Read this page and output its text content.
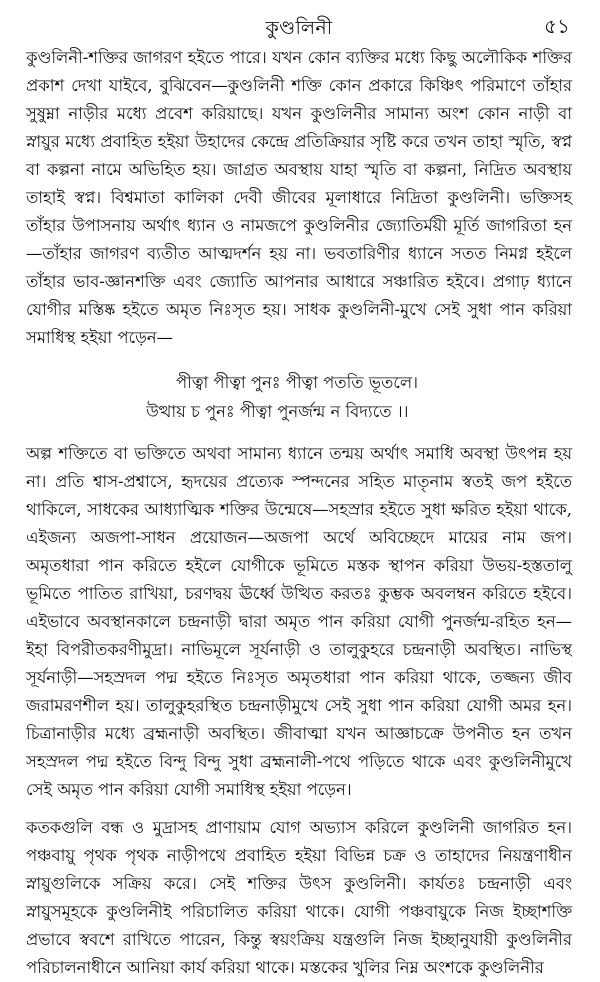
কুণ্ডলিনী	৫১

কুণ্ডলিনী-শক্তির জাগরণ হইতে পারে। যখন কোন ব্যক্তির মধ্যে কিছু অলৌকিক শক্তির প্রকাশ দেখা যাইবে, বুঝিবেন—কুণ্ডলিনী শক্তি কোন প্রকারে কিঞ্চিৎ পরিমাণে তাঁহার সুষুম্না নাড়ীর মধ্যে প্রবেশ করিয়াছে। যখন কুণ্ডলিনীর সামান্য অংশ কোন নাড়ী বা স্নায়ুর মধ্যে প্রবাহিত হইয়া উহাদের কেন্দ্রে প্রতিক্রিয়ার সৃষ্টি করে তখন তাহা স্মৃতি, স্বপ্ন বা কল্পনা নামে অভিহিত হয়। জাগ্রত অবস্থায় যাহা স্মৃতি বা কল্পনা, নিদ্রিত অবস্থায় তাহাই স্বপ্ন। বিশ্বমাতা কালিকা দেবী জীবের মূলাধারে নিদ্রিতা কুণ্ডলিনী। ভক্তিসহ তাঁহার উপাসনায় অর্থাৎ ধ্যান ও নামজপে কুণ্ডলিনীর জ্যোতির্ময়ী মূর্তি জাগরিতা হন—তাঁহার জাগরণ ব্যতীত আত্মদর্শন হয় না। ভবতারিণীর ধ্যানে সতত নিমগ্ন হইলে তাঁহার ভাব-জ্ঞানশক্তি এবং জ্যোতি আপনার আধারে সঞ্চারিত হইবে। প্রগাঢ় ধ্যানে যোগীর মস্তিষ্ক হইতে অমৃত নিঃসৃত হয়। সাধক কুণ্ডলিনী-মুখে সেই সুধা পান করিয়া সমাধিস্থ হইয়া পড়েন—

পীত্বা পীত্বা পুনঃ পীত্বা পততি ভূতলে।
উত্থায় চ পুনঃ পীত্বা পুনর্জন্ম ন বিদ্যতে ।।

অল্প শক্তিতে বা ভক্তিতে অথবা সামান্য ধ্যানে তন্ময় অর্থাৎ সমাধি অবস্থা উৎপন্ন হয় না। প্রতি শ্বাস-প্রশ্বাসে, হৃদয়ের প্রত্যেক স্পন্দনের সহিত মাতৃনাম স্বতই জপ হইতে থাকিলে, সাধকের আধ্যাত্মিক শক্তির উন্মেষে—সহস্রার হইতে সুধা ক্ষরিত হইয়া থাকে, এইজন্য অজপা-সাধন প্রয়োজন—অজপা অর্থে অবিচ্ছেদে মায়ের নাম জপ। অমৃতধারা পান করিতে হইলে যোগীকে ভূমিতে মস্তক স্থাপন করিয়া উভয়-হস্ততালু ভূমিতে পাতিত রাখিয়া, চরণদ্বয় ঊর্ধ্বে উত্থিত করতঃ কুম্ভক অবলম্বন করিতে হইবে। এইভাবে অবস্থানকালে চন্দ্রনাড়ী দ্বারা অমৃত পান করিয়া যোগী পুনর্জন্ম-রহিত হন—ইহা বিপরীতকরণীমুদ্রা। নাভিমূলে সূর্যনাড়ী ও তালুকুহরে চন্দ্রনাড়ী অবস্থিত। নাভিস্থ সূর্যনাড়ী—সহস্রদল পদ্ম হইতে নিঃসৃত অমৃতধারা পান করিয়া থাকে, তজ্জন্য জীব জরামরণশীল হয়। তালুকুহরস্থিত চন্দ্রনাড়ীমুখে সেই সুধা পান করিয়া যোগী অমর হন। চিত্রানাড়ীর মধ্যে ব্রহ্মনাড়ী অবস্থিত। জীবাত্মা যখন আজ্ঞাচক্রে উপনীত হন তখন সহস্রদল পদ্ম হইতে বিন্দু বিন্দু সুধা ব্রহ্মনালী-পথে পড়িতে থাকে এবং কুণ্ডলিনীমুখে সেই অমৃত পান করিয়া যোগী সমাধিস্থ হইয়া পড়েন।

কতকগুলি বন্ধ ও মুদ্রাসহ প্রাণায়াম যোগ অভ্যাস করিলে কুণ্ডলিনী জাগরিত হন। পঞ্চবায়ু পৃথক পৃথক নাড়ীপথে প্রবাহিত হইয়া বিভিন্ন চক্র ও তাহাদের নিয়ন্ত্রণাধীন স্নায়ুগুলিকে সক্রিয় করে। সেই শক্তির উৎস কুণ্ডলিনী। কার্যতঃ চন্দ্রনাড়ী এবং স্নায়ুসমূহকে কুণ্ডলিনীই পরিচালিত করিয়া থাকে। যোগী পঞ্চবায়ুকে নিজ ইচ্ছাশক্তি প্রভাবে স্ববশে রাখিতে পারেন, কিন্তু স্বয়ংক্রিয় যন্ত্রগুলি নিজ ইচ্ছানুযায়ী কুণ্ডলিনীর পরিচালনাধীনে আনিয়া কার্য করিয়া থাকে। মস্তকের খুলির নিম্ন অংশকে কুণ্ডলিনীর
